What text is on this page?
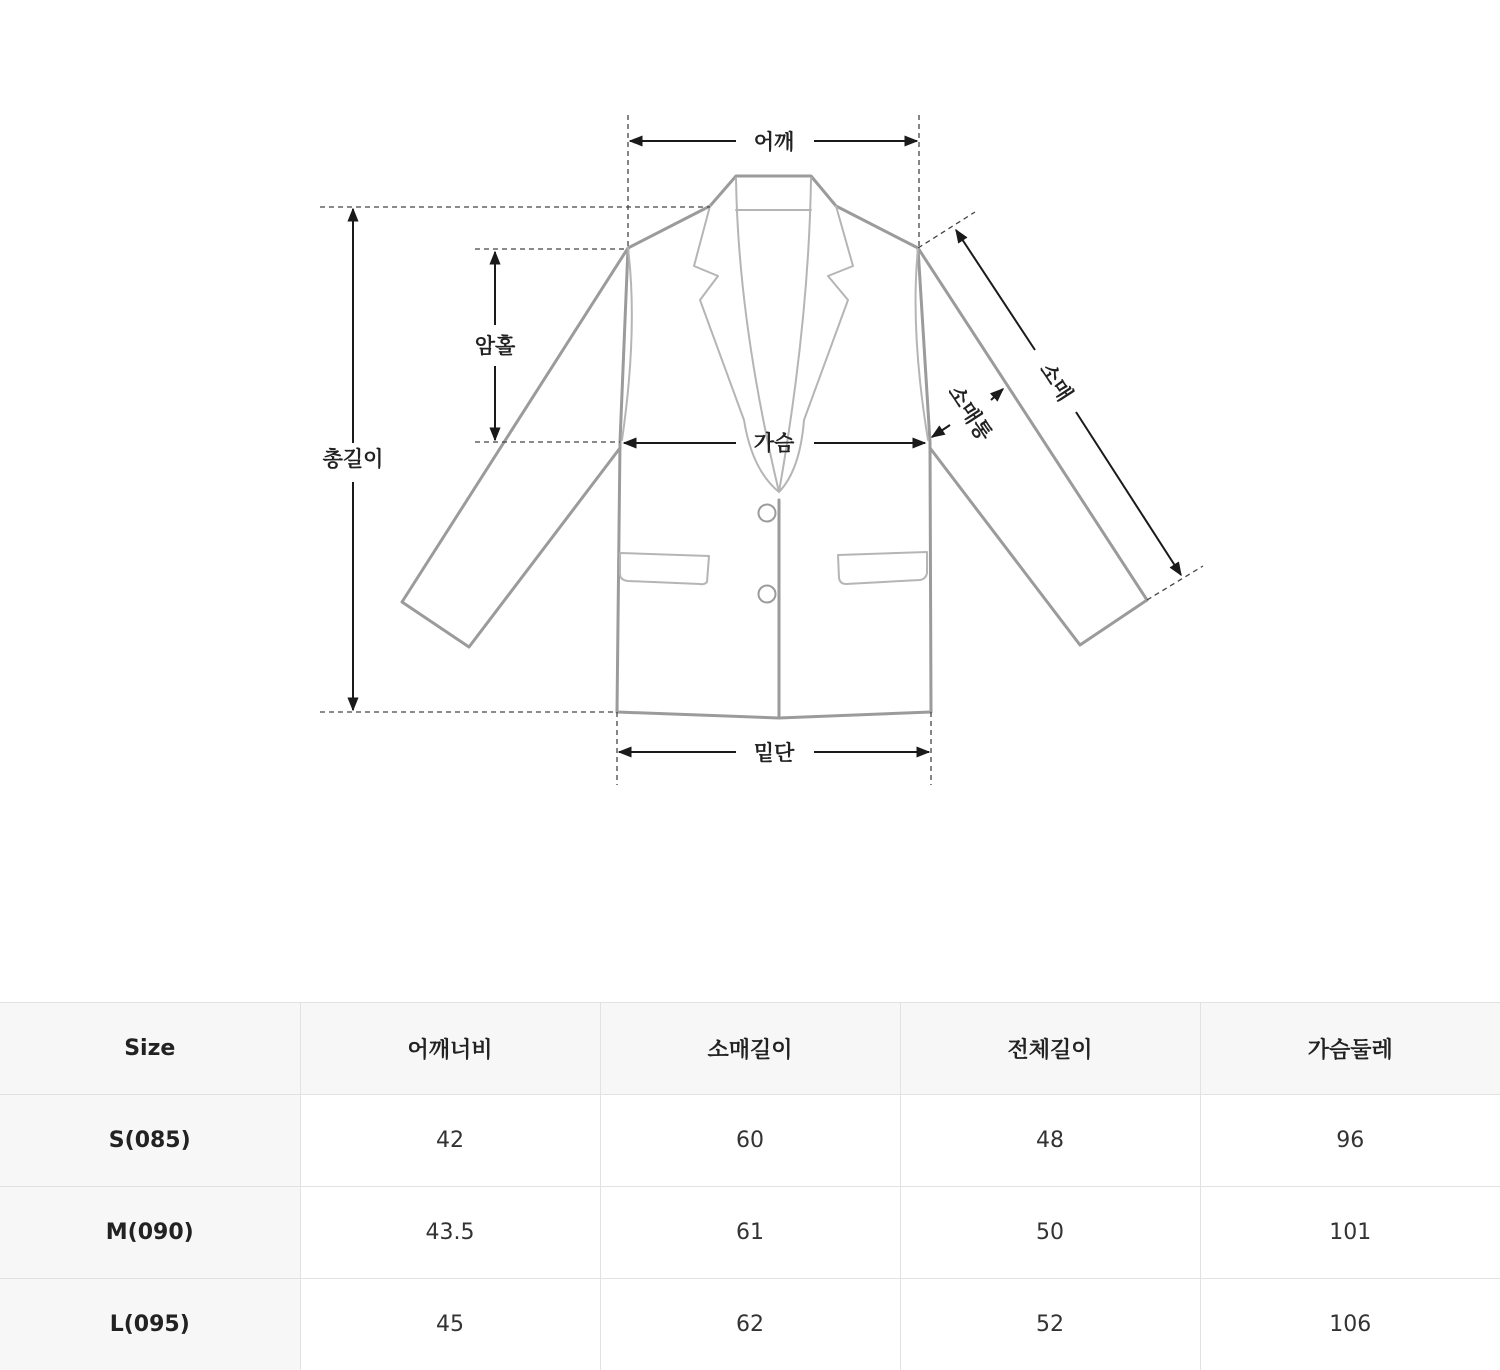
어깨
총길이
암홀
가슴
밑단
소매
소매통
Size	어깨너비	소매길이	전체길이	가슴둘레
S(085)	42	60	48	96
M(090)	43.5	61	50	101
L(095)	45	62	52	106
